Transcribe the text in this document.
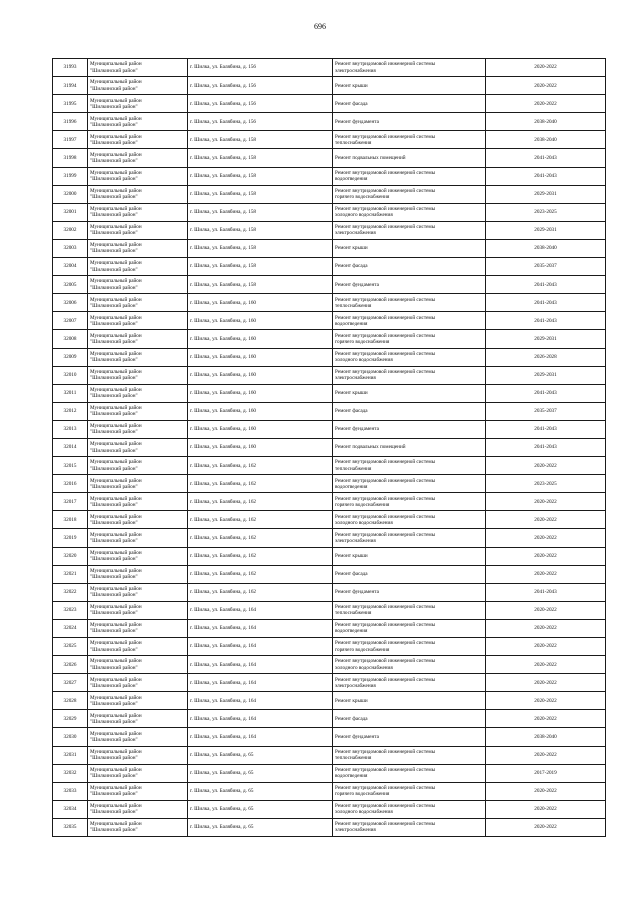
696
31993	Муниципальный район
"Шилкинский район"	г. Шилка, ул. Балябина, д. 156	Ремонт внутридомовой инженерной системы
электроснабжения	2020-2022
31994	Муниципальный район
"Шилкинский район"	г. Шилка, ул. Балябина, д. 156	Ремонт крыши	2020-2022
31995	Муниципальный район
"Шилкинский район"	г. Шилка, ул. Балябина, д. 156	Ремонт фасада	2020-2022
31996	Муниципальный район
"Шилкинский район"	г. Шилка, ул. Балябина, д. 156	Ремонт фундамента	2038-2040
31997	Муниципальный район
"Шилкинский район"	г. Шилка, ул. Балябина, д. 158	Ремонт внутридомовой инженерной системы
теплоснабжения	2038-2040
31998	Муниципальный район
"Шилкинский район"	г. Шилка, ул. Балябина, д. 158	Ремонт подвальных помещений	2041-2043
31999	Муниципальный район
"Шилкинский район"	г. Шилка, ул. Балябина, д. 158	Ремонт внутридомовой инженерной системы
водоотведения	2041-2043
32000	Муниципальный район
"Шилкинский район"	г. Шилка, ул. Балябина, д. 158	Ремонт внутридомовой инженерной системы
горячего водоснабжения	2029-2031
32001	Муниципальный район
"Шилкинский район"	г. Шилка, ул. Балябина, д. 158	Ремонт внутридомовой инженерной системы
холодного водоснабжения	2023-2025
32002	Муниципальный район
"Шилкинский район"	г. Шилка, ул. Балябина, д. 158	Ремонт внутридомовой инженерной системы
электроснабжения	2029-2031
32003	Муниципальный район
"Шилкинский район"	г. Шилка, ул. Балябина, д. 158	Ремонт крыши	2038-2040
32004	Муниципальный район
"Шилкинский район"	г. Шилка, ул. Балябина, д. 158	Ремонт фасада	2035-2037
32005	Муниципальный район
"Шилкинский район"	г. Шилка, ул. Балябина, д. 158	Ремонт фундамента	2041-2043
32006	Муниципальный район
"Шилкинский район"	г. Шилка, ул. Балябина, д. 160	Ремонт внутридомовой инженерной системы
теплоснабжения	2041-2043
32007	Муниципальный район
"Шилкинский район"	г. Шилка, ул. Балябина, д. 160	Ремонт внутридомовой инженерной системы
водоотведения	2041-2043
32008	Муниципальный район
"Шилкинский район"	г. Шилка, ул. Балябина, д. 160	Ремонт внутридомовой инженерной системы
горячего водоснабжения	2029-2031
32009	Муниципальный район
"Шилкинский район"	г. Шилка, ул. Балябина, д. 160	Ремонт внутридомовой инженерной системы
холодного водоснабжения	2026-2028
32010	Муниципальный район
"Шилкинский район"	г. Шилка, ул. Балябина, д. 160	Ремонт внутридомовой инженерной системы
электроснабжения	2029-2031
32011	Муниципальный район
"Шилкинский район"	г. Шилка, ул. Балябина, д. 160	Ремонт крыши	2041-2043
32012	Муниципальный район
"Шилкинский район"	г. Шилка, ул. Балябина, д. 160	Ремонт фасада	2035-2037
32013	Муниципальный район
"Шилкинский район"	г. Шилка, ул. Балябина, д. 160	Ремонт фундамента	2041-2043
32014	Муниципальный район
"Шилкинский район"	г. Шилка, ул. Балябина, д. 160	Ремонт подвальных помещений	2041-2043
32015	Муниципальный район
"Шилкинский район"	г. Шилка, ул. Балябина, д. 162	Ремонт внутридомовой инженерной системы
теплоснабжения	2020-2022
32016	Муниципальный район
"Шилкинский район"	г. Шилка, ул. Балябина, д. 162	Ремонт внутридомовой инженерной системы
водоотведения	2023-2025
32017	Муниципальный район
"Шилкинский район"	г. Шилка, ул. Балябина, д. 162	Ремонт внутридомовой инженерной системы
горячего водоснабжения	2020-2022
32018	Муниципальный район
"Шилкинский район"	г. Шилка, ул. Балябина, д. 162	Ремонт внутридомовой инженерной системы
холодного водоснабжения	2020-2022
32019	Муниципальный район
"Шилкинский район"	г. Шилка, ул. Балябина, д. 162	Ремонт внутридомовой инженерной системы
электроснабжения	2020-2022
32020	Муниципальный район
"Шилкинский район"	г. Шилка, ул. Балябина, д. 162	Ремонт крыши	2020-2022
32021	Муниципальный район
"Шилкинский район"	г. Шилка, ул. Балябина, д. 162	Ремонт фасада	2020-2022
32022	Муниципальный район
"Шилкинский район"	г. Шилка, ул. Балябина, д. 162	Ремонт фундамента	2041-2043
32023	Муниципальный район
"Шилкинский район"	г. Шилка, ул. Балябина, д. 164	Ремонт внутридомовой инженерной системы
теплоснабжения	2020-2022
32024	Муниципальный район
"Шилкинский район"	г. Шилка, ул. Балябина, д. 164	Ремонт внутридомовой инженерной системы
водоотведения	2020-2022
32025	Муниципальный район
"Шилкинский район"	г. Шилка, ул. Балябина, д. 164	Ремонт внутридомовой инженерной системы
горячего водоснабжения	2020-2022
32026	Муниципальный район
"Шилкинский район"	г. Шилка, ул. Балябина, д. 164	Ремонт внутридомовой инженерной системы
холодного водоснабжения	2020-2022
32027	Муниципальный район
"Шилкинский район"	г. Шилка, ул. Балябина, д. 164	Ремонт внутридомовой инженерной системы
электроснабжения	2020-2022
32028	Муниципальный район
"Шилкинский район"	г. Шилка, ул. Балябина, д. 164	Ремонт крыши	2020-2022
32029	Муниципальный район
"Шилкинский район"	г. Шилка, ул. Балябина, д. 164	Ремонт фасада	2020-2022
32030	Муниципальный район
"Шилкинский район"	г. Шилка, ул. Балябина, д. 164	Ремонт фундамента	2038-2040
32031	Муниципальный район
"Шилкинский район"	г. Шилка, ул. Балябина, д. 65	Ремонт внутридомовой инженерной системы
теплоснабжения	2020-2022
32032	Муниципальный район
"Шилкинский район"	г. Шилка, ул. Балябина, д. 65	Ремонт внутридомовой инженерной системы
водоотведения	2017-2019
32033	Муниципальный район
"Шилкинский район"	г. Шилка, ул. Балябина, д. 65	Ремонт внутридомовой инженерной системы
горячего водоснабжения	2020-2022
32034	Муниципальный район
"Шилкинский район"	г. Шилка, ул. Балябина, д. 65	Ремонт внутридомовой инженерной системы
холодного водоснабжения	2020-2022
32035	Муниципальный район
"Шилкинский район"	г. Шилка, ул. Балябина, д. 65	Ремонт внутридомовой инженерной системы
электроснабжения	2020-2022
